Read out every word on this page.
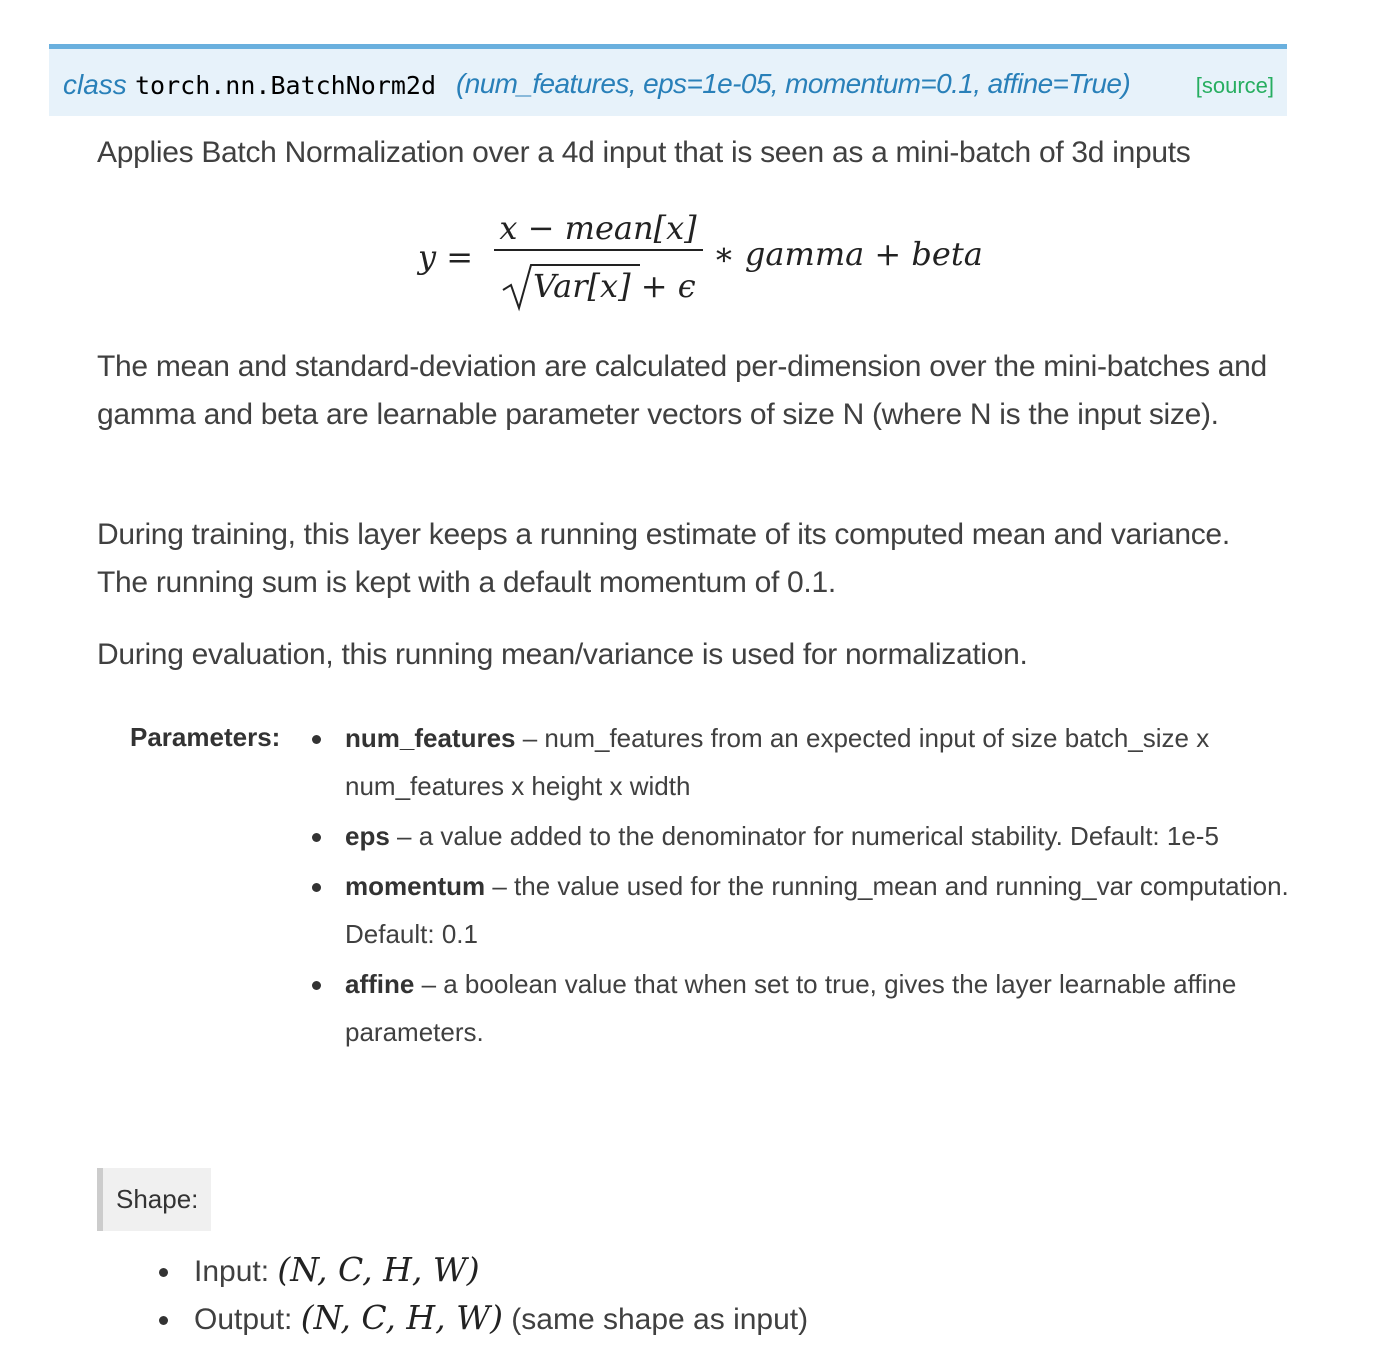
class torch.nn.BatchNorm2d (num_features, eps=1e-05, momentum=0.1, affine=True)	[source]

Applies Batch Normalization over a 4d input that is seen as a mini-batch of 3d inputs

y =
x − mean[x]
Var[x] + ϵ
∗ gamma + beta

The mean and standard-deviation are calculated per-dimension over the mini-batches and gamma and beta are learnable parameter vectors of size N (where N is the input size).

During training, this layer keeps a running estimate of its computed mean and variance. The running sum is kept with a default momentum of 0.1.

During evaluation, this running mean/variance is used for normalization.

Parameters:	num_features – num_features from an expected input of size batch_size x num_features x height x width
eps – a value added to the denominator for numerical stability. Default: 1e-5
momentum – the value used for the running_mean and running_var computation. Default: 0.1
affine – a boolean value that when set to true, gives the layer learnable affine parameters.
Shape:
Input: (N, C, H, W)
Output: (N, C, H, W) (same shape as input)
